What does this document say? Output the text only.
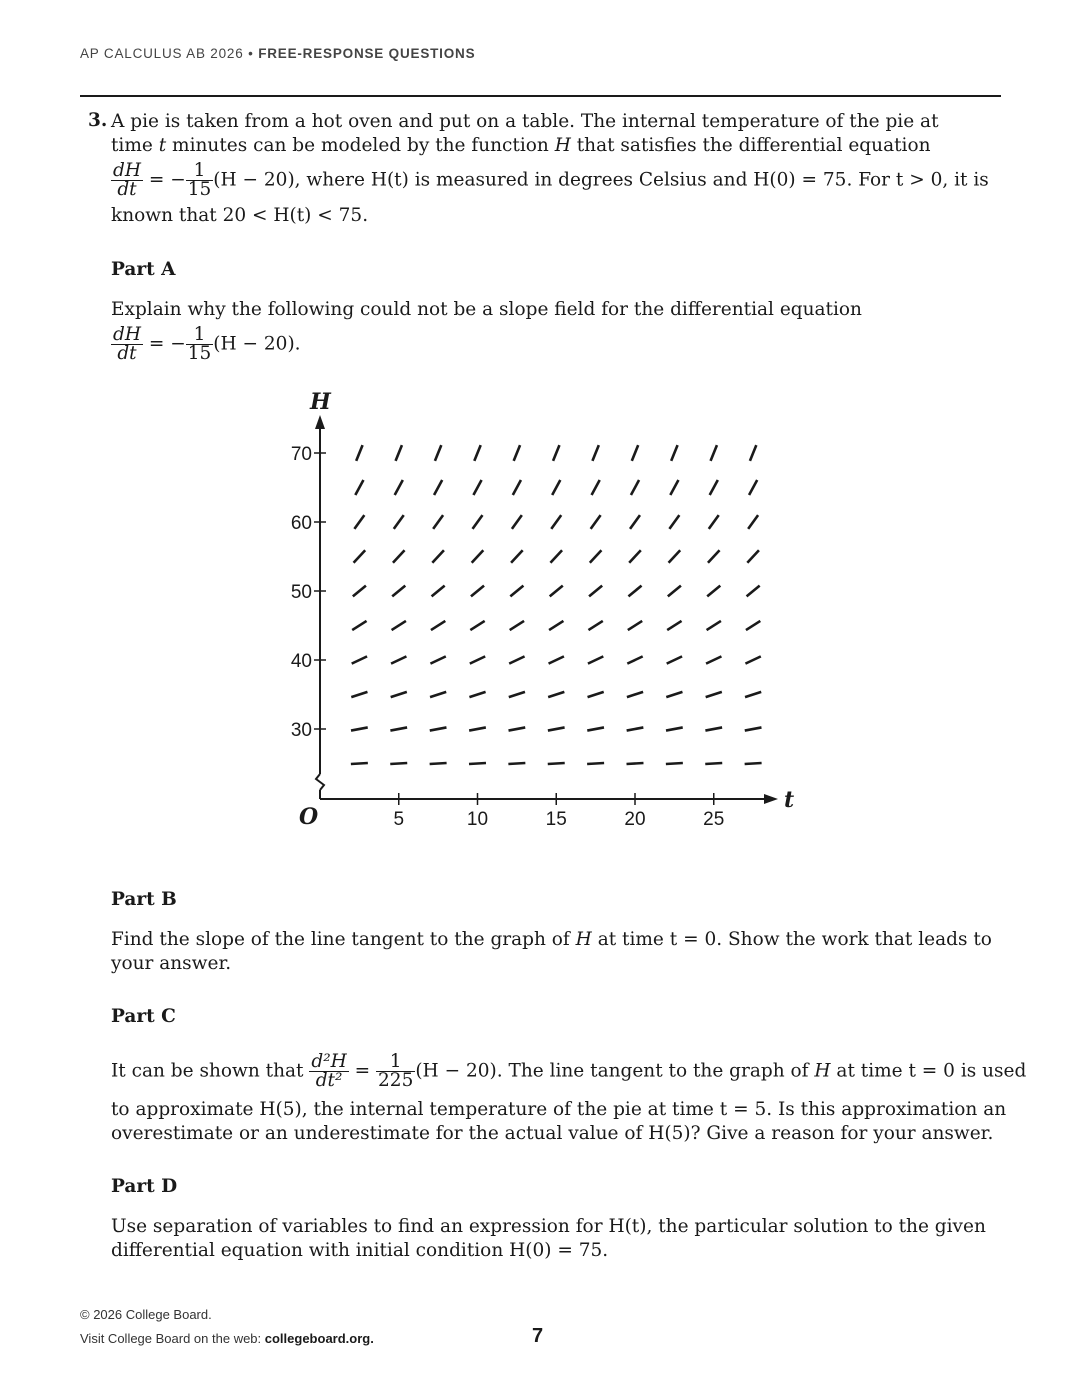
AP CALCULUS AB 2026 • FREE-RESPONSE QUESTIONS
3. A pie is taken from a hot oven and put on a table. The internal temperature of the pie at
time t minutes can be modeled by the function H that satisfies the differential equation
$\frac{dH}{dt}$ = − $\frac{1}{15} (H - 20)$, where H(t) is measured in degrees Celsius and H(0) = 75. For t > 0, it is
known that 20 < H(t) < 75.
Part A
Explain why the following could not be a slope field for the differential equation
$\frac{dH}{dt}$ = − $\frac{1}{15} (H - 20)$.
H
t
O	5	10	15	20	25
30
40
50
60
70
Part B
Find the slope of the line tangent to the graph of H at time t = 0. Show the work that leads to
your answer.
Part C
It can be shown that $\frac{\text{d²H}}{\text{dt²}} = \frac{1}{225} (H - 20)$. The line tangent to the graph of H at time t = 0 is used
to approximate H(5), the internal temperature of the pie at time t = 5. Is this approximation an
overestimate or an underestimate for the actual value of H(5)? Give a reason for your answer.
Part D
Use separation of variables to find an expression for H(t), the particular solution to the given
differential equation with initial condition H(0) = 75.
© 2026 College Board.
Visit College Board on the web: collegeboard.org.	7
